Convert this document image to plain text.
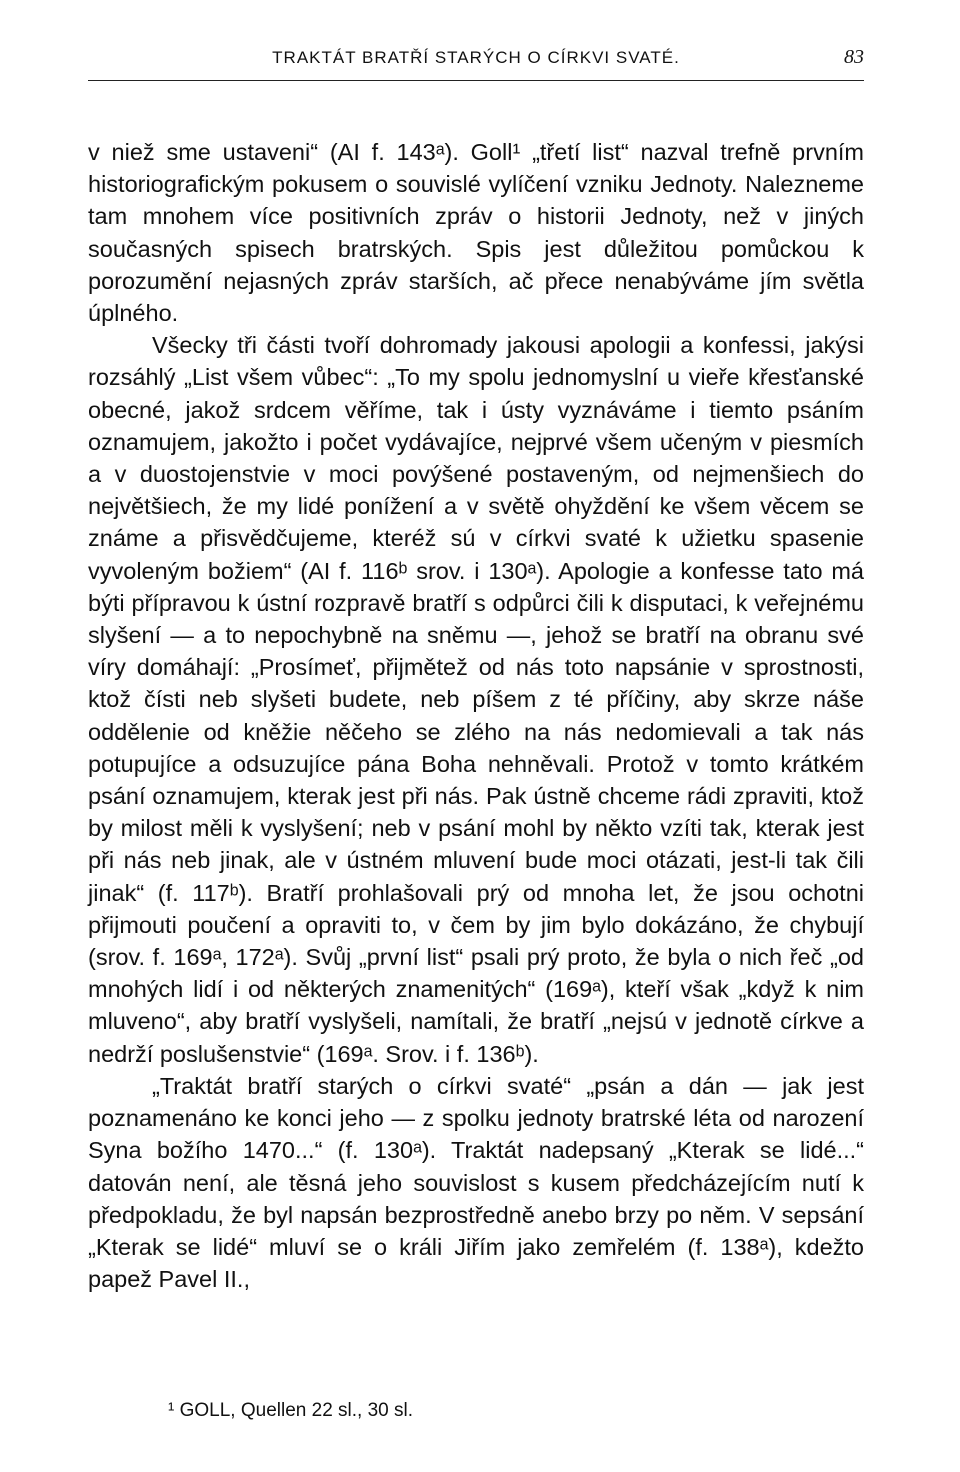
TRAKTÁT BRATŘÍ STARÝCH O CÍRKVI SVATÉ.	83

v niež sme ustaveni“ (AI f. 143ᵃ). Goll¹ „třetí list“ nazval trefně prvním historiografickým pokusem o souvislé vylíčení vzniku Jednoty. Nalezneme tam mnohem více positivních zpráv o historii Jednoty, než v jiných současných spisech bratrských. Spis jest důležitou pomůckou k porozumění nejasných zpráv starších, ač přece nenabýváme jím světla úplného.

Všecky tři části tvoří dohromady jakousi apologii a konfessi, jakýsi rozsáhlý „List všem vůbec“: „To my spolu jednomyslní u vieře křesťanské obecné, jakož srdcem věříme, tak i ústy vyznáváme i tiemto psáním oznamujem, jakožto i počet vydávajíce, nejprvé všem učeným v piesmích a v duostojenstvie v moci povýšené postaveným, od nejmenšiech do největšiech, že my lidé ponížení a v světě ohyždění ke všem věcem se známe a přisvědčujeme, kteréž sú v církvi svaté k užietku spasenie vyvoleným božiem“ (AI f. 116ᵇ srov. i 130ᵃ). Apologie a konfesse tato má býti přípravou k ústní rozpravě bratří s odpůrci čili k disputaci, k veřejnému slyšení — a to nepochybně na sněmu —, jehož se bratří na obranu své víry domáhají: „Prosímeť, přijmětež od nás toto napsánie v sprostnosti, ktož čísti neb slyšeti budete, neb píšem z té příčiny, aby skrze náše oddělenie od kněžie něčeho se zlého na nás nedomievali a tak nás potupujíce a odsuzujíce pána Boha nehněvali. Protož v tomto krátkém psání oznamujem, kterak jest při nás. Pak ústně chceme rádi zpraviti, ktož by milost měli k vyslyšení; neb v psání mohl by někto vzíti tak, kterak jest při nás neb jinak, ale v ústném mluvení bude moci otázati, jest-li tak čili jinak“ (f. 117ᵇ). Bratří prohlašovali prý od mnoha let, že jsou ochotni přijmouti poučení a opraviti to, v čem by jim bylo dokázáno, že chybují (srov. f. 169ᵃ, 172ᵃ). Svůj „první list“ psali prý proto, že byla o nich řeč „od mnohých lidí i od některých znamenitých“ (169ᵃ), kteří však „když k nim mluveno“, aby bratří vyslyšeli, namítali, že bratří „nejsú v jednotě církve a nedrží poslušenstvie“ (169ᵃ. Srov. i f. 136ᵇ).

„Traktát bratří starých o církvi svaté“ „psán a dán — jak jest poznamenáno ke konci jeho — z spolku jednoty bratrské léta od narození Syna božího 1470...“ (f. 130ᵃ). Traktát nadepsaný „Kterak se lidé...“ datován není, ale těsná jeho souvislost s kusem předcházejícím nutí k předpokladu, že byl napsán bezprostředně anebo brzy po něm. V sepsání „Kterak se lidé“ mluví se o králi Jiřím jako zemřelém (f. 138ᵃ), kdežto papež Pavel II.,

¹ GOLL, Quellen 22 sl., 30 sl.
